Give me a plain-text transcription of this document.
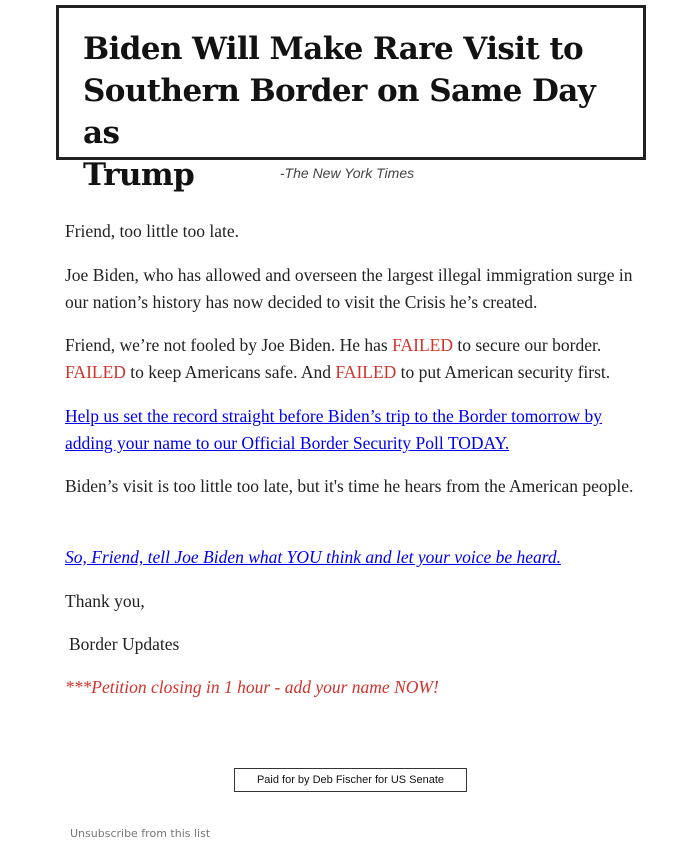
Biden Will Make Rare Visit to
Southern Border on Same Day as
Trump	-The New York Times

Friend, too little too late.

Joe Biden, who has allowed and overseen the largest illegal immigration surge in our nation’s history has now decided to visit the Crisis he’s created.

Friend, we’re not fooled by Joe Biden. He has FAILED to secure our border. FAILED to keep Americans safe. And FAILED to put American security first.

Help us set the record straight before Biden’s trip to the Border tomorrow by adding your name to our Official Border Security Poll TODAY.

Biden’s visit is too little too late, but it's time he hears from the American people.

So, Friend, tell Joe Biden what YOU think and let your voice be heard.

Thank you,

Border Updates

***Petition closing in 1 hour - add your name NOW!

Paid for by Deb Fischer for US Senate
Unsubscribe from this list
